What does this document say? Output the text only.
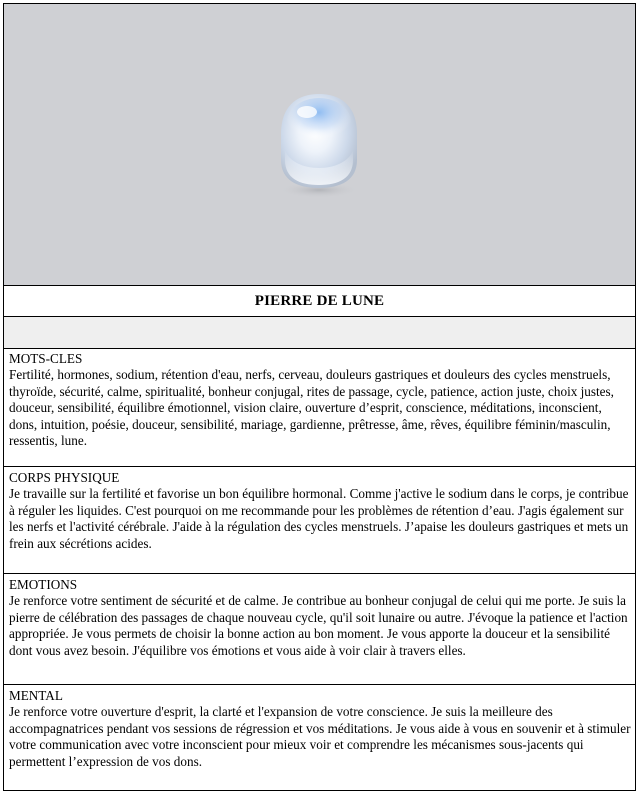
PIERRE DE LUNE
MOTS-CLES
Fertilité, hormones, sodium, rétention d'eau, nerfs, cerveau, douleurs gastriques et douleurs des cycles menstruels, thyroïde, sécurité, calme, spiritualité, bonheur conjugal, rites de passage, cycle, patience, action juste, choix justes, douceur, sensibilité, équilibre émotionnel, vision claire, ouverture d’esprit, conscience, méditations, inconscient, dons, intuition, poésie, douceur, sensibilité, mariage, gardienne, prêtresse, âme, rêves, équilibre féminin/masculin, ressentis, lune.
CORPS PHYSIQUE
Je travaille sur la fertilité et favorise un bon équilibre hormonal. Comme j'active le sodium dans le corps, je contribue à réguler les liquides. C'est pourquoi on me recommande pour les problèmes de rétention d’eau. J'agis également sur les nerfs et l'activité cérébrale. J'aide à la régulation des cycles menstruels. J’apaise les douleurs gastriques et mets un frein aux sécrétions acides.
EMOTIONS
Je renforce votre sentiment de sécurité et de calme. Je contribue au bonheur conjugal de celui qui me porte. Je suis la pierre de célébration des passages de chaque nouveau cycle, qu'il soit lunaire ou autre. J'évoque la patience et l'action appropriée. Je vous permets de choisir la bonne action au bon moment. Je vous apporte la douceur et la sensibilité dont vous avez besoin. J'équilibre vos émotions et vous aide à voir clair à travers elles.
MENTAL
Je renforce votre ouverture d'esprit, la clarté et l'expansion de votre conscience. Je suis la meilleure des accompagnatrices pendant vos sessions de régression et vos méditations. Je vous aide à vous en souvenir et à stimuler votre communication avec votre inconscient pour mieux voir et comprendre les mécanismes sous-jacents qui permettent l’expression de vos dons.
